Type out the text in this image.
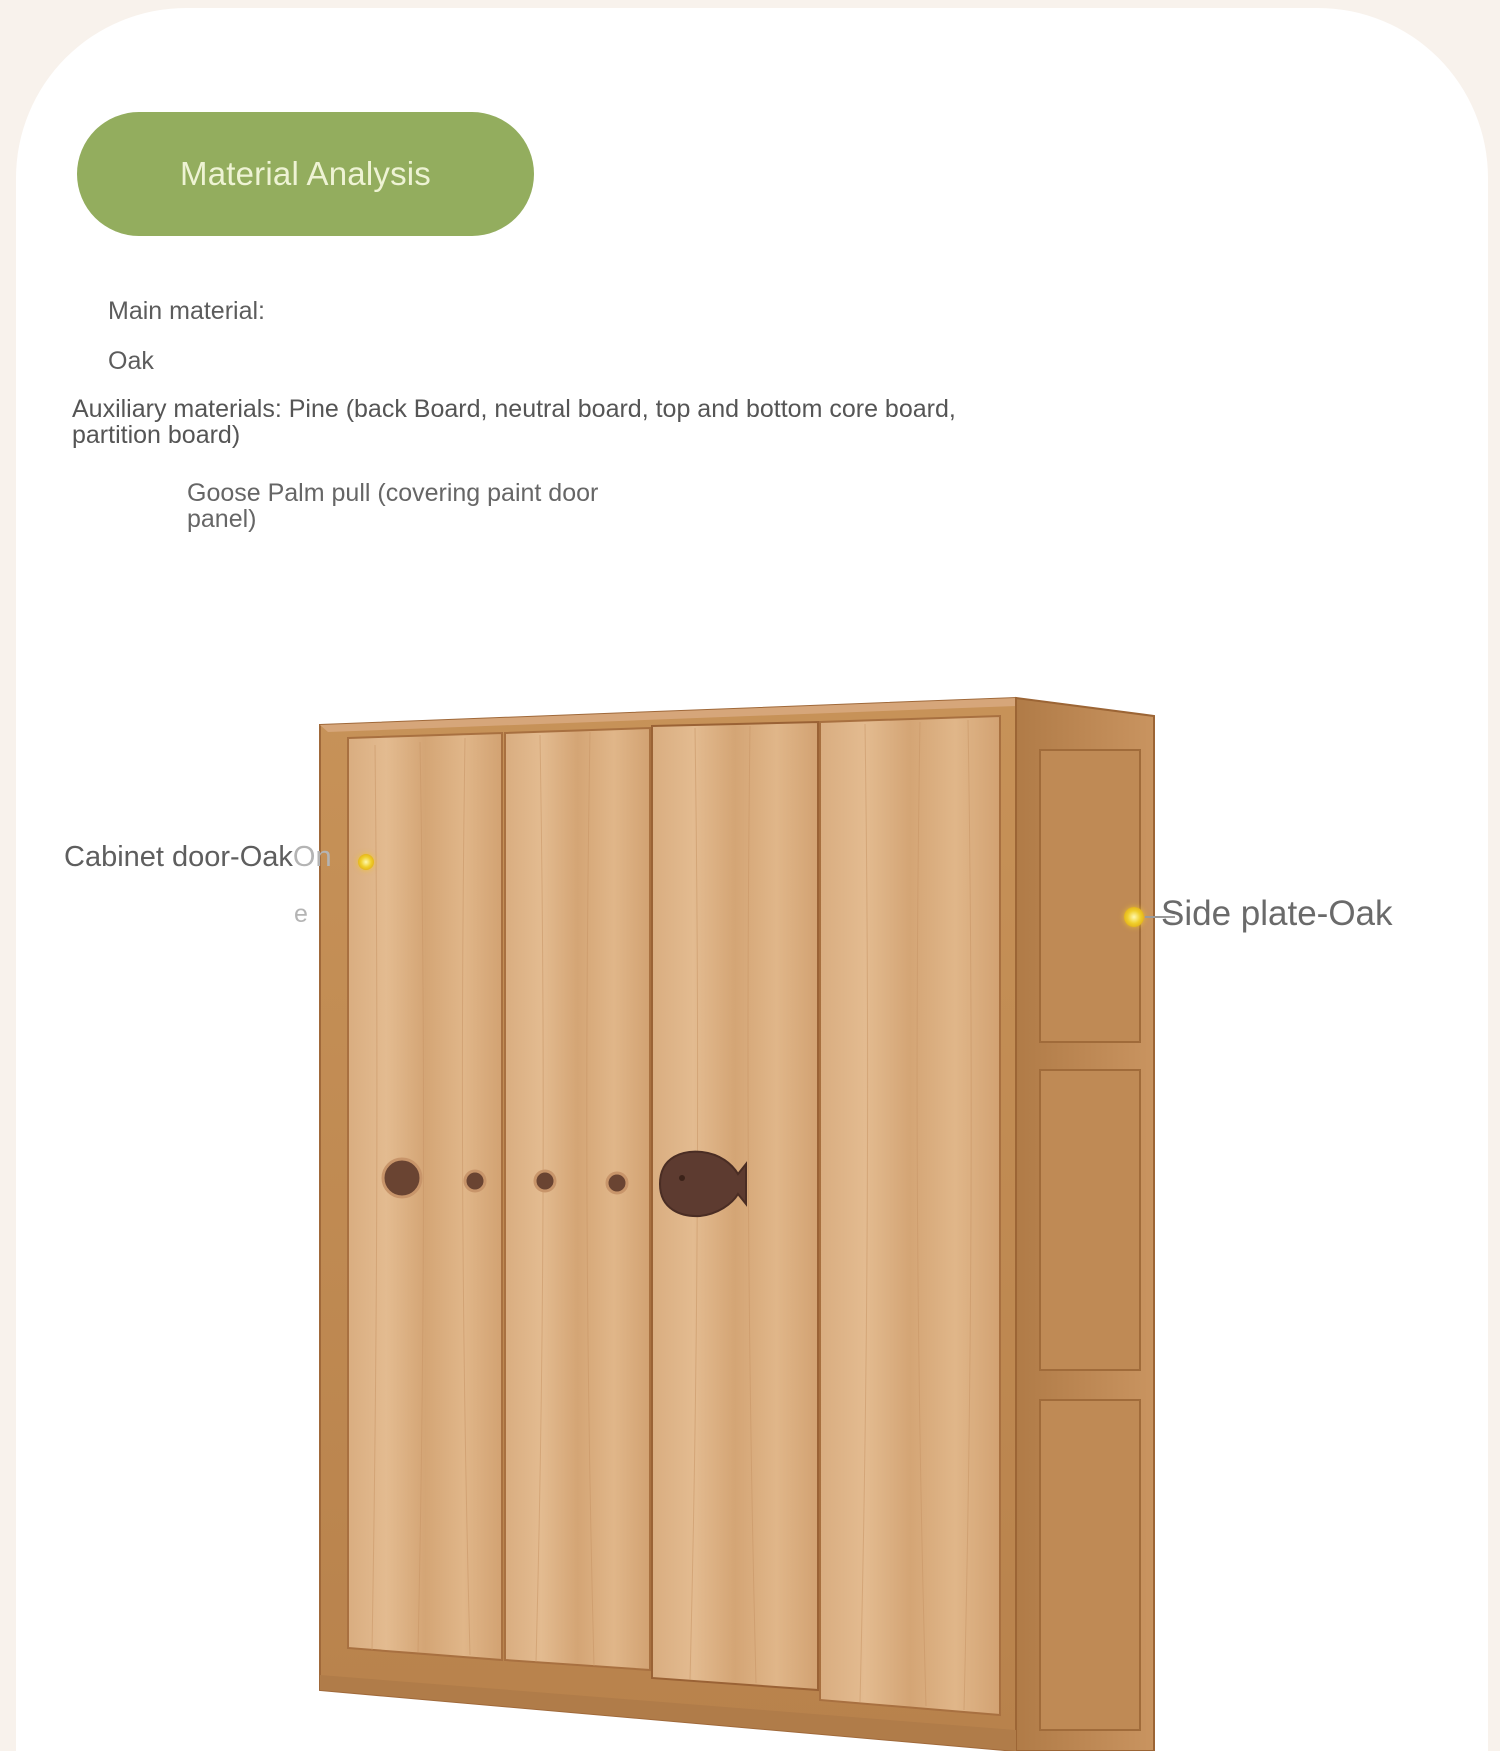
Material Analysis
Main material:
Oak
Auxiliary materials: Pine (back Board, neutral board, top and bottom core board, partition board)
Goose Palm pull (covering paint door panel)
Cabinet door-OakOn
e	Side plate-Oak
